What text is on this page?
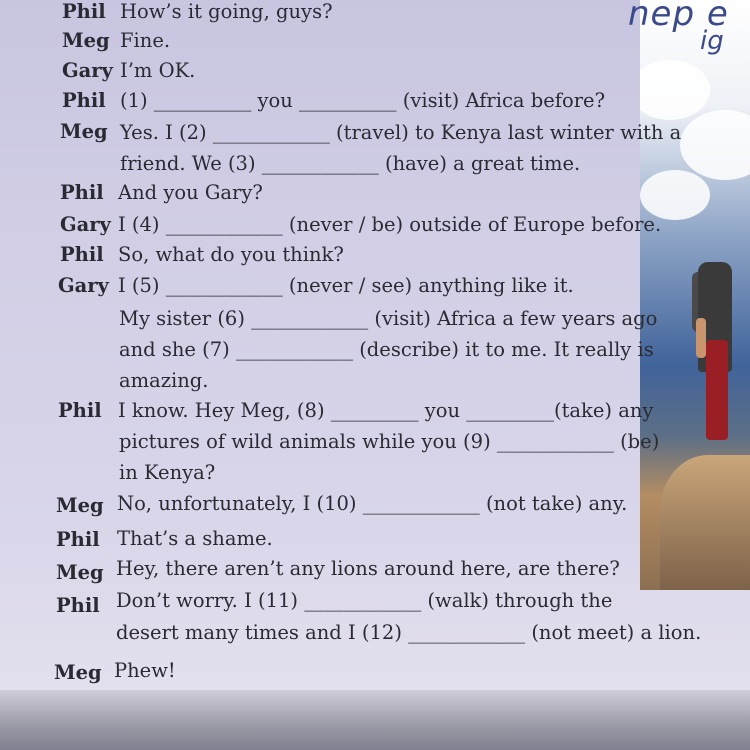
nep e
ig
Phil How’s it going, guys?
Meg Fine.
Gary I’m OK.
Phil (1) __________ you __________ (visit) Africa before?
Meg Yes. I (2) ____________ (travel) to Kenya last winter with a
friend. We (3) ____________ (have) a great time.
Phil And you Gary?
Gary I (4) ____________ (never / be) outside of Europe before.
Phil So, what do you think?
Gary I (5) ____________ (never / see) anything like it.
My sister (6) ____________ (visit) Africa a few years ago
and she (7) ____________ (describe) it to me. It really is
amazing.
Phil I know. Hey Meg, (8) _________ you _________(take) any
pictures of wild animals while you (9) ____________ (be)
in Kenya?
Meg No, unfortunately, I (10) ____________ (not take) any.
Phil That’s a shame.
Meg Hey, there aren’t any lions around here, are there?
Phil Don’t worry. I (11) ____________ (walk) through the
desert many times and I (12) ____________ (not meet) a lion.
Meg Phew!
